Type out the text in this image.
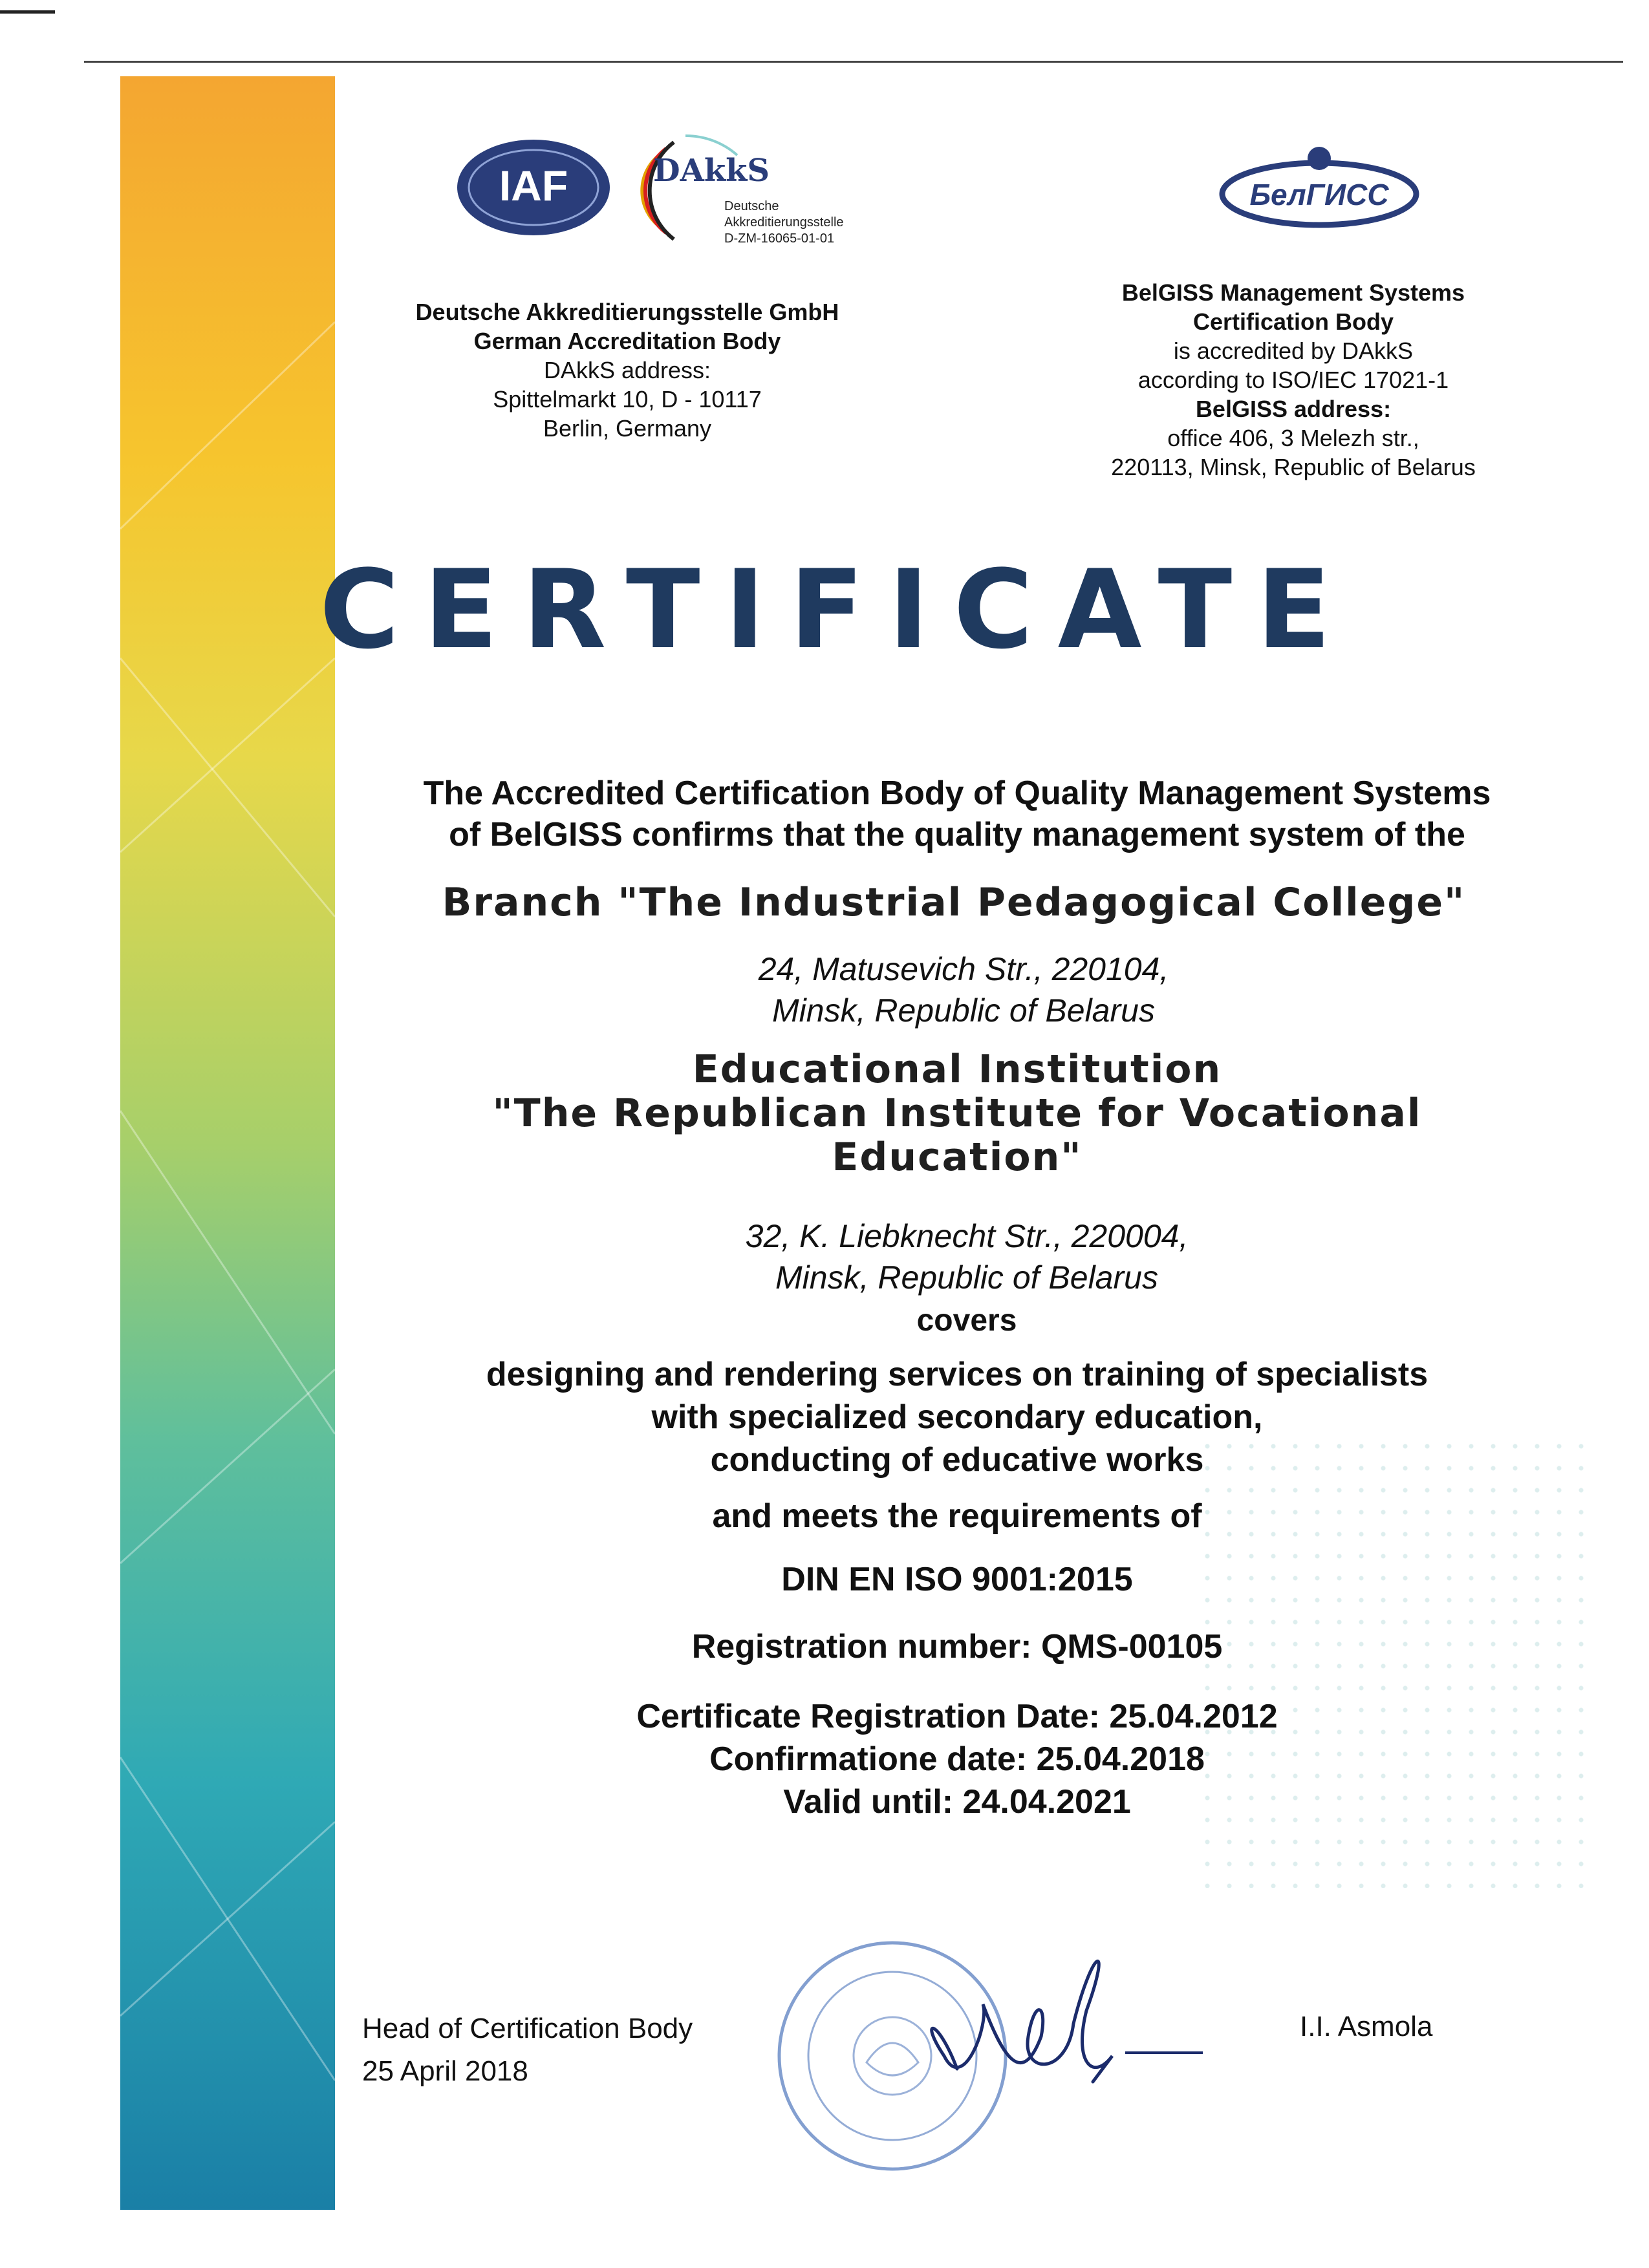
IAF	DAkkS
Deutsche
Akkreditierungsstelle
D-ZM-16065-01-01
БелГИСС
Deutsche Akkreditierungsstelle GmbH
German Accreditation Body
DAkkS address:
Spittelmarkt 10, D - 10117
Berlin, Germany
BelGISS Management Systems
Certification Body
is accredited by DAkkS
according to ISO/IEC 17021-1
BelGISS address:
office 406, 3 Melezh str.,
220113, Minsk, Republic of Belarus
CERTIFICATE
The Accredited Certification Body of Quality Management Systems
of BelGISS confirms that the quality management system of the
Branch "The Industrial Pedagogical College"
24, Matusevich Str., 220104,
Minsk, Republic of Belarus
Educational Institution
"The Republican Institute for Vocational
Education"
32, K. Liebknecht Str., 220004,
Minsk, Republic of Belarus
covers
designing and rendering services on training of specialists
with specialized secondary education,
conducting of educative works
and meets the requirements of
DIN EN ISO 9001:2015
Registration number: QMS-00105
Certificate Registration Date: 25.04.2012
Confirmatione date: 25.04.2018
Valid until: 24.04.2021
Head of Certification Body
25 April 2018
I.I. Asmola
